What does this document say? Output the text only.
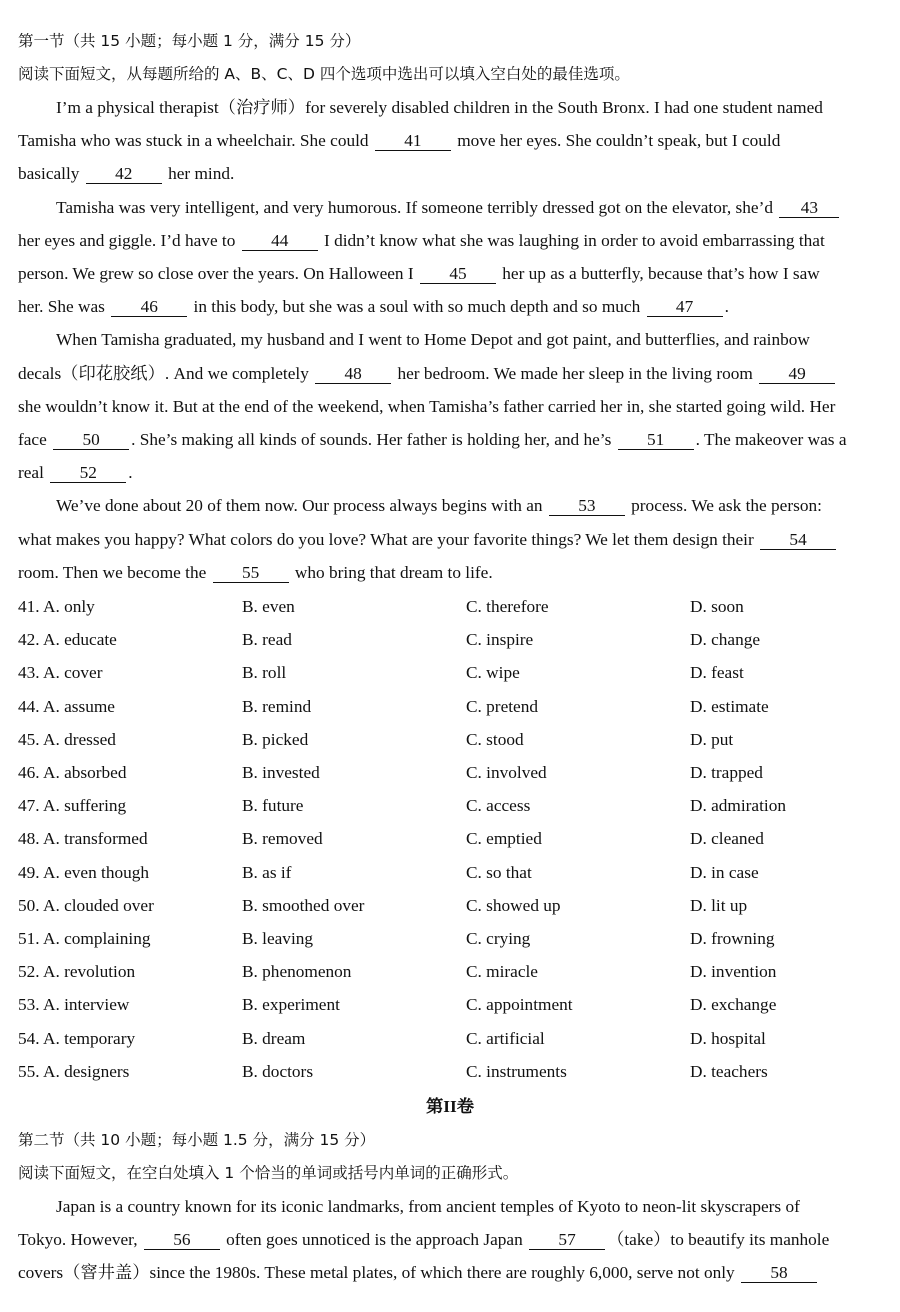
第一节（共 15 小题；每小题 1 分，满分 15 分）
阅读下面短文，从每题所给的 A、B、C、D 四个选项中选出可以填入空白处的最佳选项。
I’m a physical therapist（治疗师）for severely disabled children in the South Bronx. I had one student named
Tamisha who was stuck in a wheelchair. She could 41 move her eyes. She couldn’t speak, but I could
basically 42 her mind.
Tamisha was very intelligent, and very humorous. If someone terribly dressed got on the elevator, she’d 43
her eyes and giggle. I’d have to 44 I didn’t know what she was laughing in order to avoid embarrassing that
person. We grew so close over the years. On Halloween I 45 her up as a butterfly, because that’s how I saw
her. She was 46 in this body, but she was a soul with so much depth and so much 47 .
When Tamisha graduated, my husband and I went to Home Depot and got paint, and butterflies, and rainbow
decals（印花胶纸）. And we completely 48 her bedroom. We made her sleep in the living room 49
she wouldn’t know it. But at the end of the weekend, when Tamisha’s father carried her in, she started going wild. Her
face 50 . She’s making all kinds of sounds. Her father is holding her, and he’s 51 . The makeover was a
real 52 .
We’ve done about 20 of them now. Our process always begins with an 53 process. We ask the person:
what makes you happy? What colors do you love? What are your favorite things? We let them design their 54
room. Then we become the 55 who bring that dream to life.
41. A. only	B. even	C. therefore	D. soon
42. A. educate	B. read	C. inspire	D. change
43. A. cover	B. roll	C. wipe	D. feast
44. A. assume	B. remind	C. pretend	D. estimate
45. A. dressed	B. picked	C. stood	D. put
46. A. absorbed	B. invested	C. involved	D. trapped
47. A. suffering	B. future	C. access	D. admiration
48. A. transformed	B. removed	C. emptied	D. cleaned
49. A. even though	B. as if	C. so that	D. in case
50. A. clouded over	B. smoothed over	C. showed up	D. lit up
51. A. complaining	B. leaving	C. crying	D. frowning
52. A. revolution	B. phenomenon	C. miracle	D. invention
53. A. interview	B. experiment	C. appointment	D. exchange
54. A. temporary	B. dream	C. artificial	D. hospital
55. A. designers	B. doctors	C. instruments	D. teachers
第II卷
第二节（共 10 小题；每小题 1.5 分，满分 15 分）
阅读下面短文，在空白处填入 1 个恰当的单词或括号内单词的正确形式。
Japan is a country known for its iconic landmarks, from ancient temples of Kyoto to neon-lit skyscrapers of
Tokyo. However, 56 often goes unnoticed is the approach Japan 57 （take）to beautify its manhole
covers（窨井盖）since the 1980s. These metal plates, of which there are roughly 6,000, serve not only 58
